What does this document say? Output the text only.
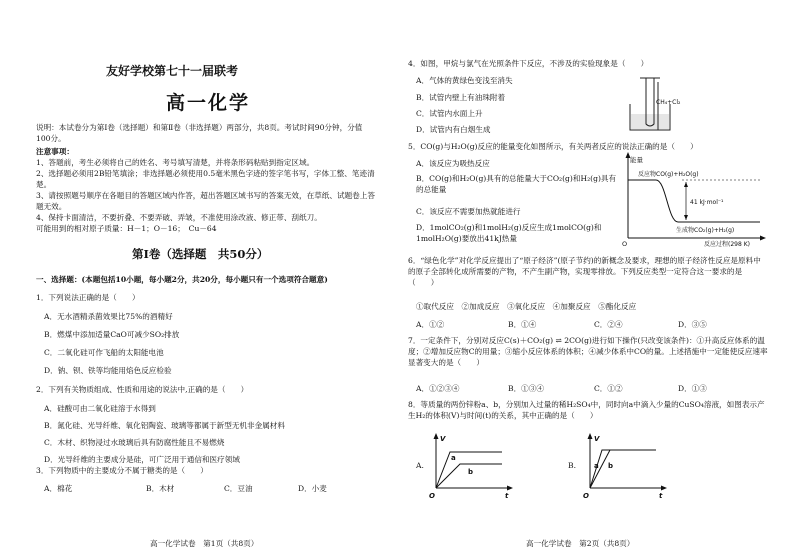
友好学校第七十一届联考
高一化学
说明：本试卷分为第Ⅰ卷（选择题）和第Ⅱ卷（非选择题）两部分，共8页。考试时间90分钟，分值100分。
注意事项：
1、答题前，考生必须将自己的姓名、考号填写清楚，并将条形码粘贴到指定区域。
2、选择题必须用2B铅笔填涂；非选择题必须使用0.5毫米黑色字迹的签字笔书写，字体工整、笔迹清楚。
3、请按照题号顺序在各题目的答题区域内作答，超出答题区域书写的答案无效，在草纸、试题卷上答题无效。
4、保持卡面清洁，不要折叠、不要弄破、弄皱，不准使用涂改液、修正带、刮纸刀。
可能用到的相对原子质量：H－1；O－16；　Cu－64
第Ⅰ卷（选择题　共50分）
一、选择题：(本题包括10小题，每小题2分，共20分，每小题只有一个选项符合题意)
1．下列说法正确的是（　　）
A．无水酒精杀菌效果比75%的酒精好
B．燃煤中添加适量CaO可减少SO₂排放
C．二氧化硅可作飞船的太阳能电池
D．钠、钡、铁等均能用焰色反应检验
2．下列有关物质组成、性质和用途的说法中,正确的是（　　）
A．硅酸可由二氧化硅溶于水得到
B．氮化硅、光导纤维、氧化铝陶瓷、玻璃等都属于新型无机非金属材料
C．木材、织物浸过水玻璃后具有防腐性能且不易燃烧
D．光导纤维的主要成分是硅，可广泛用于通信和医疗领域
3．下列物质中的主要成分不属于糖类的是（　　）
A．棉花	B．木材	C．豆油	D．小麦
高一化学试卷　第1页（共8页）
4．如图，甲烷与氯气在光照条件下反应，不涉及的实验现象是（　　）
A．气体的黄绿色变浅至消失
B．试管内壁上有油珠附着
C．试管内水面上升
D．试管内有白烟生成
CH₄+Cl₂
5．CO(g)与H₂O(g)反应的能量变化如图所示，有关两者反应的说法正确的是（　　）
A．该反应为吸热反应
B．CO(g)和H₂O(g)具有的总能量大于CO₂(g)和H₂(g)具有的总能量
C．该反应不需要加热就能进行
D．1molCO₂(g)和1molH₂(g)反应生成1molCO(g)和1molH₂O(g)要放出41kJ热量
能量
反应物CO(g)+H₂O(g)
41 kJ·mol⁻¹
生成物CO₂(g)+H₂(g)
O	反应过程(298 K)
6．“绿色化学”对化学反应提出了“原子经济”(原子节约)的新概念及要求，理想的原子经济性反应是原料中的原子全部转化成所需要的产物，不产生副产物，实现零排放。下列反应类型一定符合这一要求的是（　　）
①取代反应　②加成反应　③氧化反应　④加聚反应　⑤酯化反应
A．①②	B．①④	C．②④	D．③⑤
7．一定条件下，分别对反应C(s)＋CO₂(g) ⇌ 2CO(g)进行如下操作(只改变该条件)：①升高反应体系的温度；②增加反应物C的用量；③缩小反应体系的体积；④减少体系中CO的量。上述措施中一定能使反应速率显著变大的是（　　）
A．①②③④	B．①③④	C．①②	D．①③
8．等质量的两份锌粉a、b，分别加入过量的稀H₂SO₄中，同时向a中滴入少量的CuSO₄溶液，如图表示产生H₂的体积(V)与时间(t)的关系，其中正确的是（　　）
A.
V
t
O
a
b
B.
V
t
O
a b
高一化学试卷　第2页（共8页）
